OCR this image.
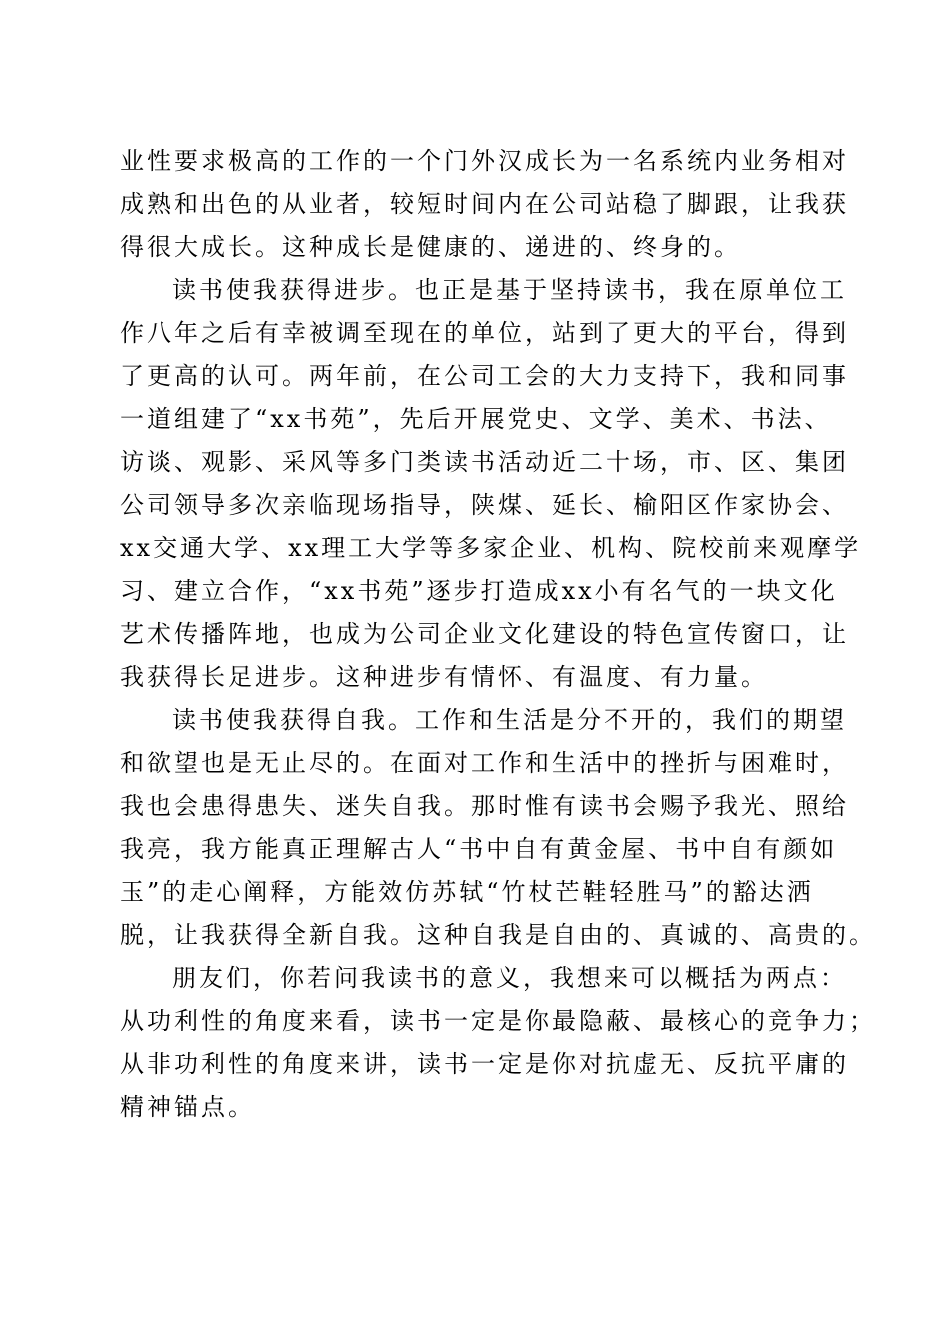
业性要求极高的工作的一个门外汉成长为一名系统内业务相对
成熟和出色的从业者，较短时间内在公司站稳了脚跟，让我获
得很大成长。这种成长是健康的、递进的、终身的。
读书使我获得进步。也正是基于坚持读书，我在原单位工
作八年之后有幸被调至现在的单位，站到了更大的平台，得到
了更高的认可。两年前，在公司工会的大力支持下，我和同事
一道组建了“xx书苑”，先后开展党史、文学、美术、书法、
访谈、观影、采风等多门类读书活动近二十场，市、区、集团
公司领导多次亲临现场指导，陕煤、延长、榆阳区作家协会、
xx交通大学、xx理工大学等多家企业、机构、院校前来观摩学
习、建立合作，“xx书苑”逐步打造成xx小有名气的一块文化
艺术传播阵地，也成为公司企业文化建设的特色宣传窗口，让
我获得长足进步。这种进步有情怀、有温度、有力量。
读书使我获得自我。工作和生活是分不开的，我们的期望
和欲望也是无止尽的。在面对工作和生活中的挫折与困难时，
我也会患得患失、迷失自我。那时惟有读书会赐予我光、照给
我亮，我方能真正理解古人“书中自有黄金屋、书中自有颜如
玉”的走心阐释，方能效仿苏轼“竹杖芒鞋轻胜马”的豁达洒
脱，让我获得全新自我。这种自我是自由的、真诚的、高贵的。
朋友们，你若问我读书的意义，我想来可以概括为两点：
从功利性的角度来看，读书一定是你最隐蔽、最核心的竞争力；
从非功利性的角度来讲，读书一定是你对抗虚无、反抗平庸的
精神锚点。
